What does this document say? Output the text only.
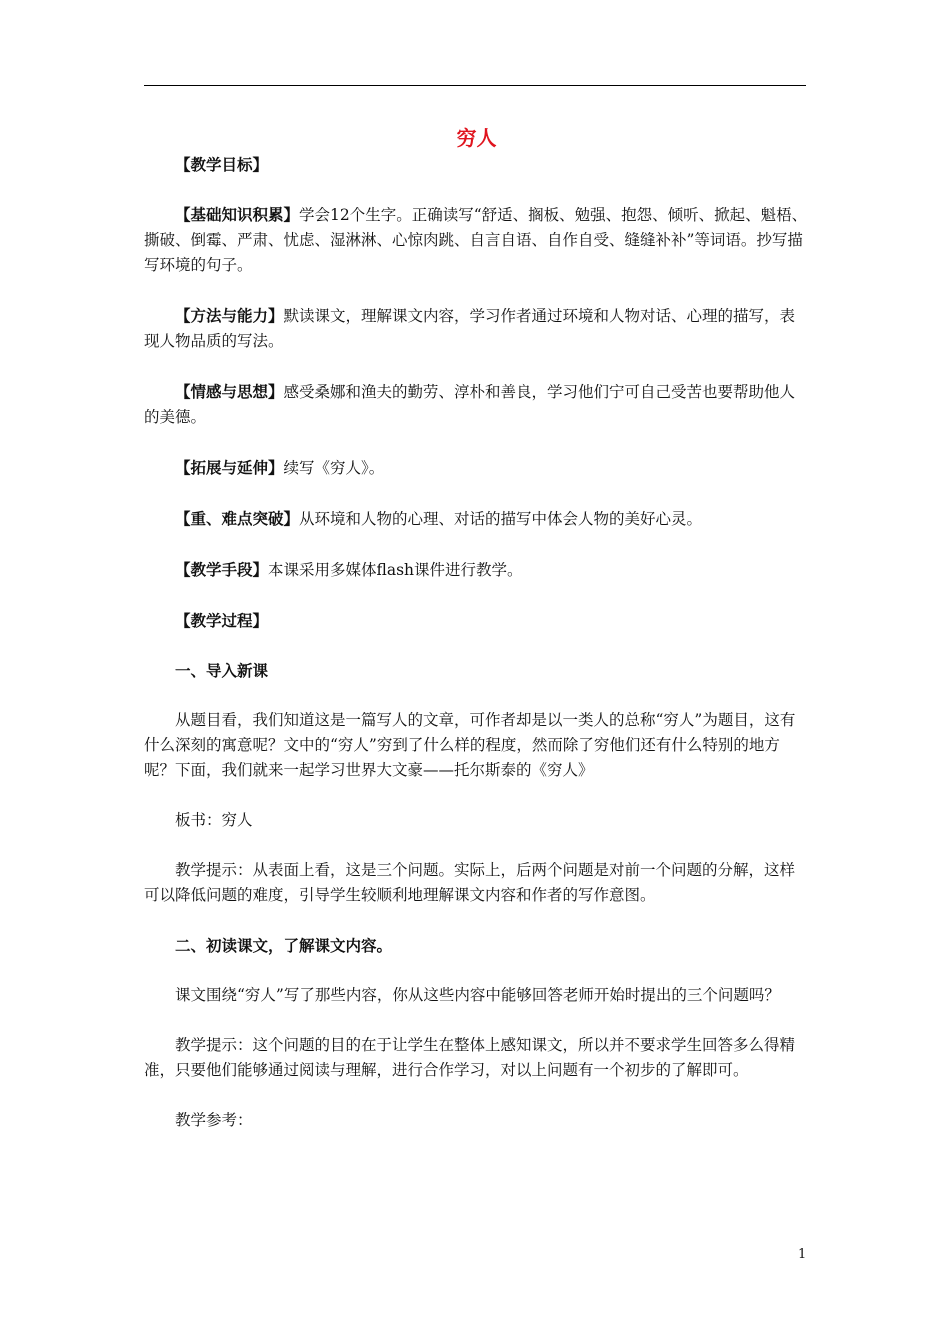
穷人

【教学目标】

【基础知识积累】学会12个生字。正确读写“舒适、搁板、勉强、抱怨、倾听、掀起、魁梧、撕破、倒霉、严肃、忧虑、湿淋淋、心惊肉跳、自言自语、自作自受、缝缝补补”等词语。抄写描写环境的句子。

【方法与能力】默读课文，理解课文内容，学习作者通过环境和人物对话、心理的描写，表现人物品质的写法。

【情感与思想】感受桑娜和渔夫的勤劳、淳朴和善良，学习他们宁可自己受苦也要帮助他人的美德。

【拓展与延伸】续写《穷人》。

【重、难点突破】从环境和人物的心理、对话的描写中体会人物的美好心灵。

【教学手段】本课采用多媒体flash课件进行教学。

【教学过程】

一、导入新课

从题目看，我们知道这是一篇写人的文章，可作者却是以一类人的总称“穷人”为题目，这有什么深刻的寓意呢？文中的“穷人”穷到了什么样的程度，然而除了穷他们还有什么特别的地方呢？下面，我们就来一起学习世界大文豪——托尔斯泰的《穷人》

板书：穷人

教学提示：从表面上看，这是三个问题。实际上，后两个问题是对前一个问题的分解，这样可以降低问题的难度，引导学生较顺利地理解课文内容和作者的写作意图。

二、初读课文，了解课文内容。

课文围绕“穷人”写了那些内容，你从这些内容中能够回答老师开始时提出的三个问题吗？

教学提示：这个问题的目的在于让学生在整体上感知课文，所以并不要求学生回答多么得精准，只要他们能够通过阅读与理解，进行合作学习，对以上问题有一个初步的了解即可。

教学参考：

1
